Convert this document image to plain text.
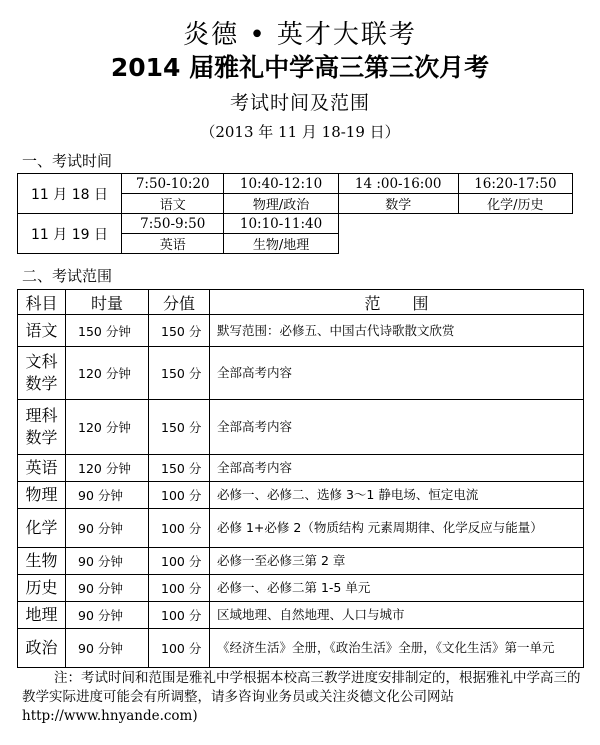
炎德 • 英才大联考
2014 届雅礼中学高三第三次月考
考试时间及范围
（2013 年 11 月 18-19 日）
一、考试时间
11 月 18 日	7:50-10:20	10:40-12:10	14 :00-16:00	16:20-17:50
	语文	物理/政治	数学	化学/历史
11 月 19 日	7:50-9:50	10:10-11:40		
	英语	生物/地理		
二、考试范围
科目	时量	分值	范　　围
语文	150 分钟	150 分	默写范围：必修五、中国古代诗歌散文欣赏
文科数学	120 分钟	150 分	全部高考内容
理科数学	120 分钟	150 分	全部高考内容
英语	120 分钟	150 分	全部高考内容
物理	90 分钟	100 分	必修一、必修二、选修 3～1 静电场、恒定电流
化学	90 分钟	100 分	必修 1+必修 2（物质结构 元素周期律、化学反应与能量）
生物	90 分钟	100 分	必修一至必修三第 2 章
历史	90 分钟	100 分	必修一、必修二第 1-5 单元
地理	90 分钟	100 分	区域地理、自然地理、人口与城市
政治	90 分钟	100 分	《经济生活》全册，《政治生活》全册，《文化生活》第一单元
注：考试时间和范围是雅礼中学根据本校高三教学进度安排制定的，根据雅礼中学高三的教学实际进度可能会有所调整，请多咨询业务员或关注炎德文化公司网站
http://www.hnyande.com)
